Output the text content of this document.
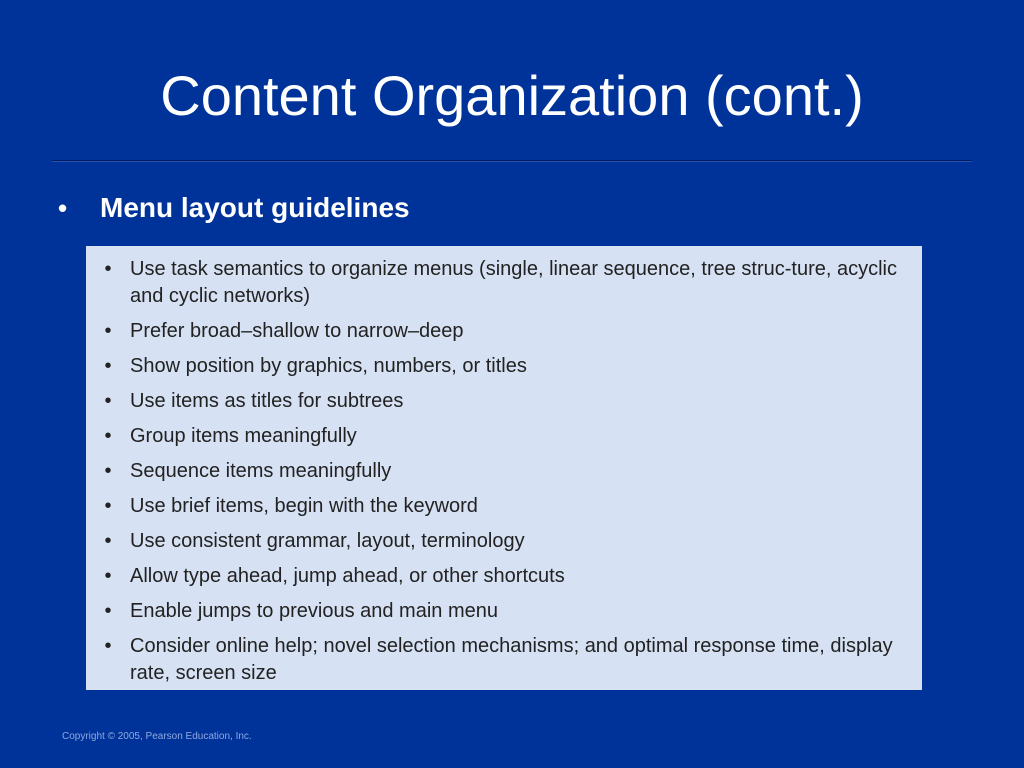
Content Organization (cont.)
•	Menu layout guidelines
• Use task semantics to organize menus (single, linear sequence, tree struc-ture, acyclic and cyclic networks)
• Prefer broad–shallow to narrow–deep
• Show position by graphics, numbers, or titles
• Use items as titles for subtrees
• Group items meaningfully
• Sequence items meaningfully
• Use brief items, begin with the keyword
• Use consistent grammar, layout, terminology
• Allow type ahead, jump ahead, or other shortcuts
• Enable jumps to previous and main menu
• Consider online help; novel selection mechanisms; and optimal response time, display rate, screen size
Copyright © 2005, Pearson Education, Inc.
